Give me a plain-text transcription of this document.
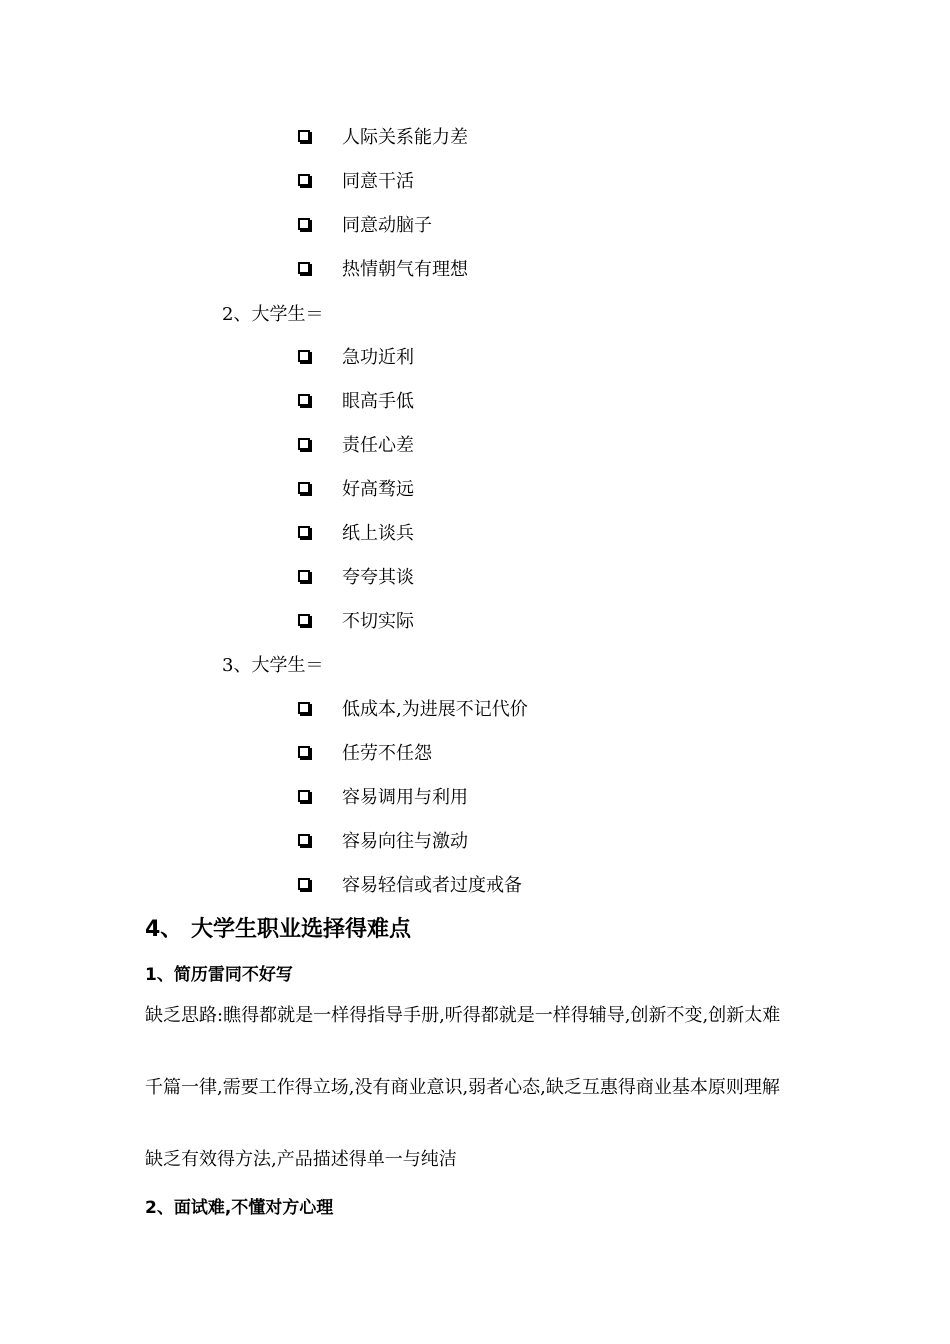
人际关系能力差
同意干活
同意动脑子
热情朝气有理想
2、大学生＝
急功近利
眼高手低
责任心差
好高骛远
纸上谈兵
夸夸其谈
不切实际
3、大学生＝
低成本,为进展不记代价
任劳不任怨
容易调用与利用
容易向往与激动
容易轻信或者过度戒备
4、 大学生职业选择得难点
1、简历雷同不好写
缺乏思路:瞧得都就是一样得指导手册,听得都就是一样得辅导,创新不变,创新太难
千篇一律,需要工作得立场,没有商业意识,弱者心态,缺乏互惠得商业基本原则理解
缺乏有效得方法,产品描述得单一与纯洁
2、面试难,不懂对方心理
